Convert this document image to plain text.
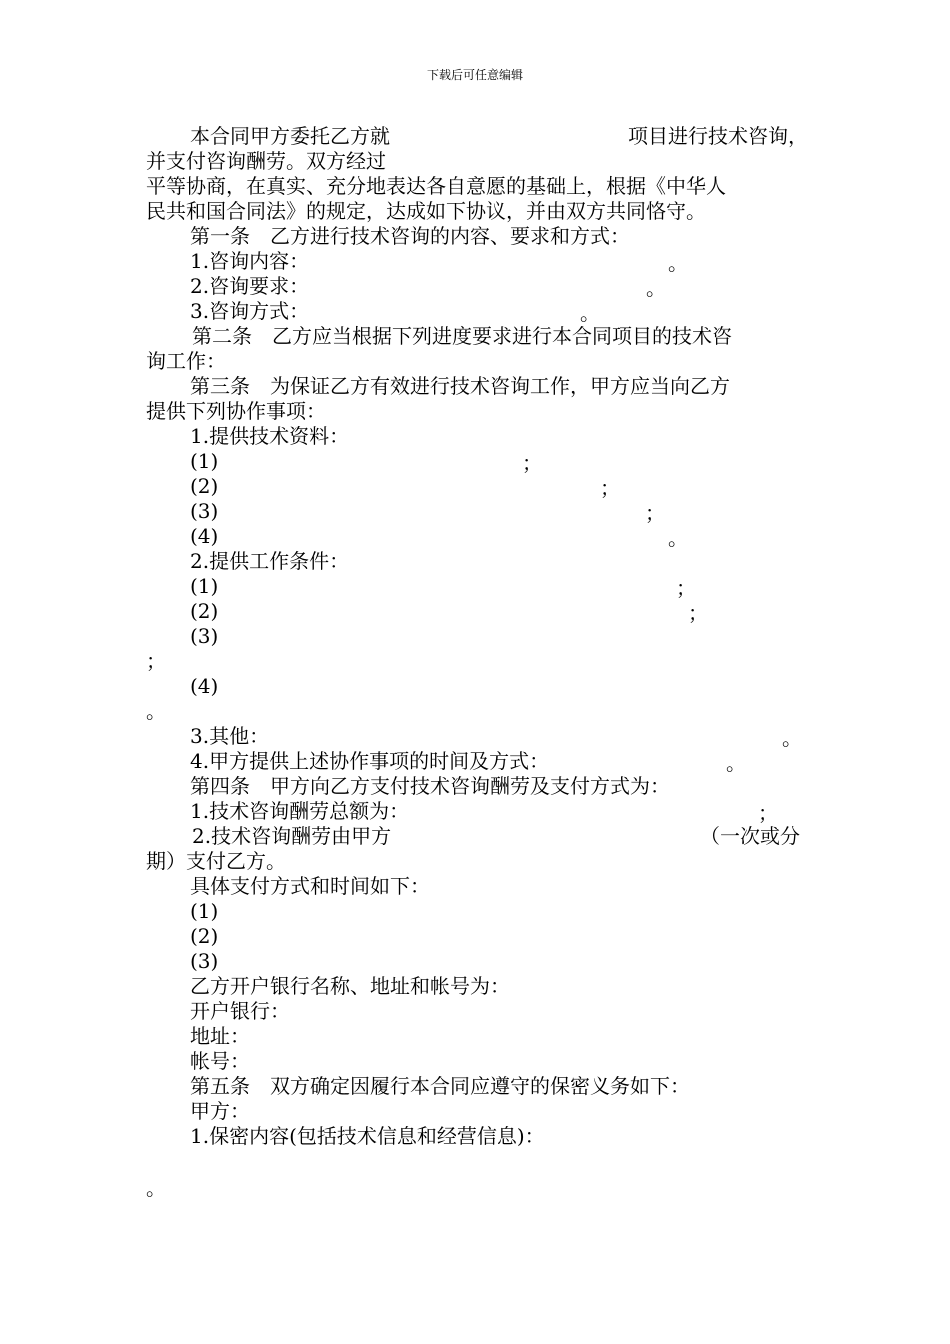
下载后可任意编辑
本合同甲方委托乙方就	项目进行技术咨询，
并支付咨询酬劳。双方经过
平等协商，在真实、充分地表达各自意愿的基础上，根据《中华人
民共和国合同法》的规定，达成如下协议，并由双方共同恪守。
第一条　乙方进行技术咨询的内容、要求和方式：
1.咨询内容：	。
2.咨询要求：	。
3.咨询方式：	。
第二条　乙方应当根据下列进度要求进行本合同项目的技术咨
询工作：
第三条　为保证乙方有效进行技术咨询工作，甲方应当向乙方
提供下列协作事项：
1.提供技术资料：
(1)	；
(2)	；
(3)	；
(4)	。
2.提供工作条件：
(1)	；
(2)	；
(3)
；
(4)
。
3.其他：	。
4.甲方提供上述协作事项的时间及方式：	。
第四条　甲方向乙方支付技术咨询酬劳及支付方式为：
1.技术咨询酬劳总额为：	；
2.技术咨询酬劳由甲方	（一次或分
期）支付乙方。
具体支付方式和时间如下：
(1)
(2)
(3)
乙方开户银行名称、地址和帐号为：
开户银行：
地址：
帐号：
第五条　双方确定因履行本合同应遵守的保密义务如下：
甲方：
1.保密内容(包括技术信息和经营信息)：
。
